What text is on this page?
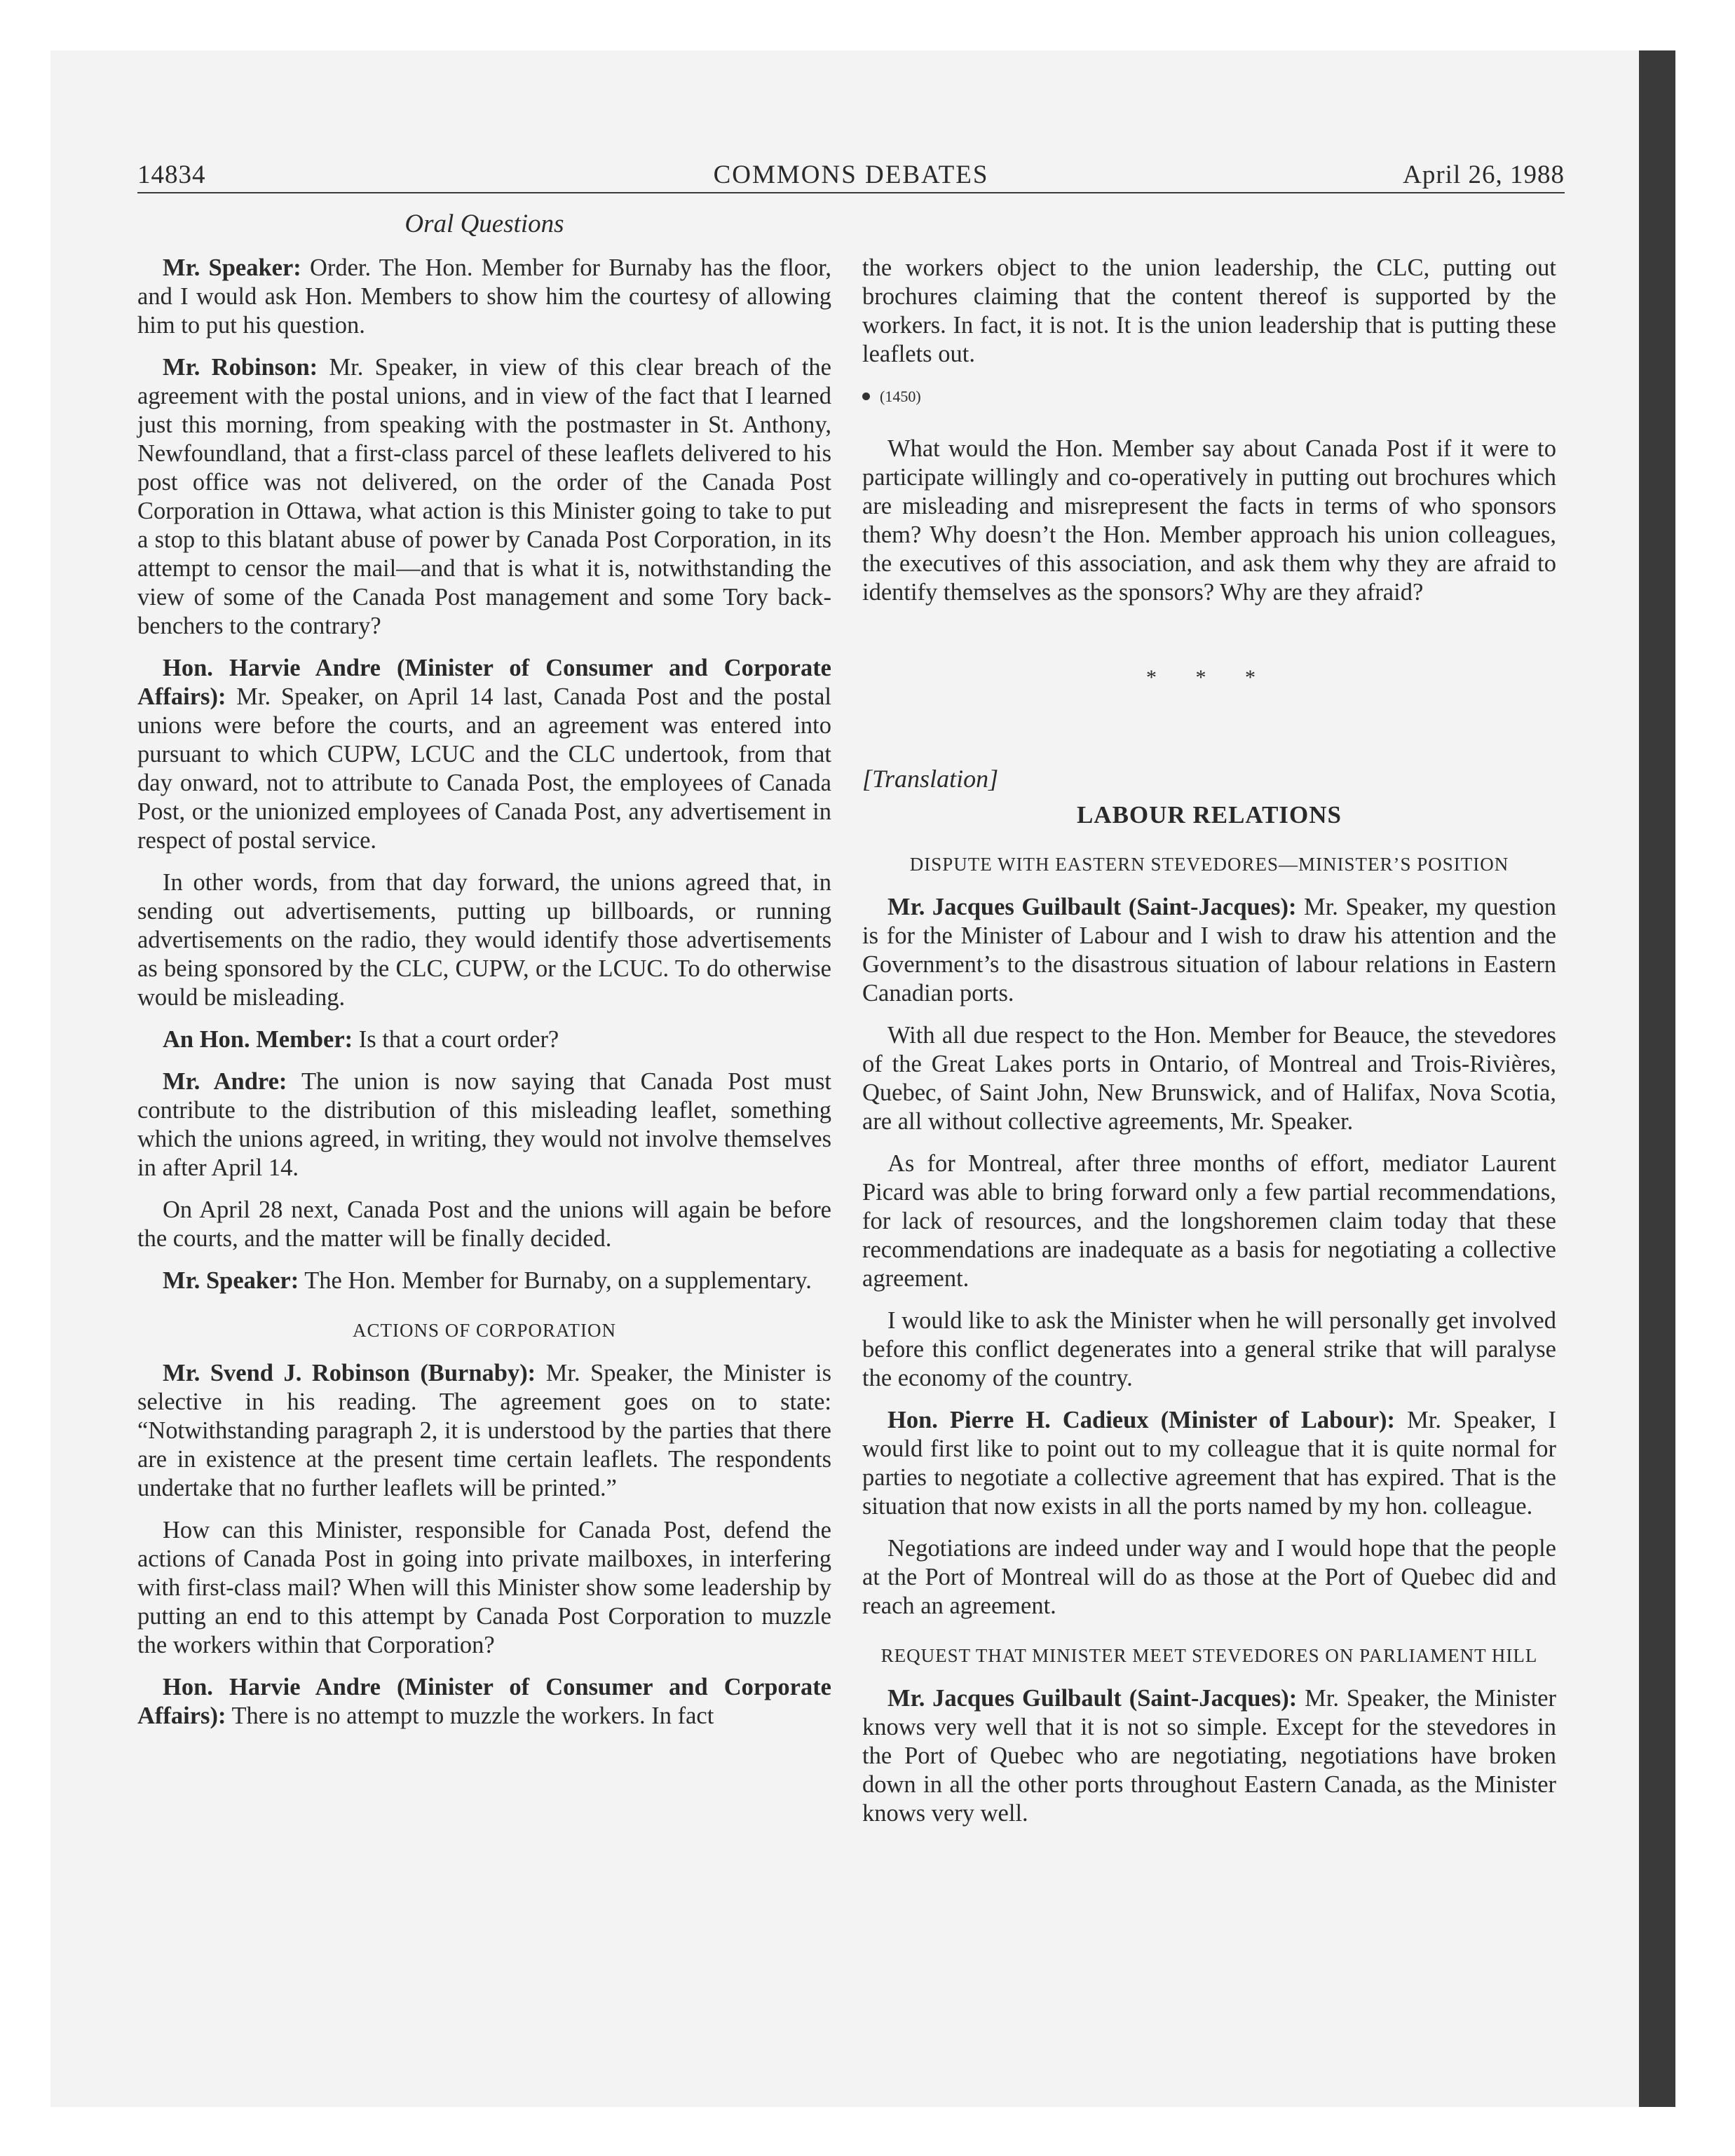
14834	COMMONS DEBATES	April 26, 1988
Oral Questions

Mr. Speaker: Order. The Hon. Member for Burnaby has the floor, and I would ask Hon. Members to show him the courtesy of allowing him to put his question.

Mr. Robinson: Mr. Speaker, in view of this clear breach of the agreement with the postal unions, and in view of the fact that I learned just this morning, from speaking with the postmaster in St. Anthony, Newfoundland, that a first-class parcel of these leaflets delivered to his post office was not delivered, on the order of the Canada Post Corporation in Ottawa, what action is this Minister going to take to put a stop to this blatant abuse of power by Canada Post Corporation, in its attempt to censor the mail—and that is what it is, notwithstanding the view of some of the Canada Post management and some Tory back-benchers to the contrary?

Hon. Harvie Andre (Minister of Consumer and Corporate Affairs): Mr. Speaker, on April 14 last, Canada Post and the postal unions were before the courts, and an agreement was entered into pursuant to which CUPW, LCUC and the CLC undertook, from that day onward, not to attribute to Canada Post, the employees of Canada Post, or the unionized employees of Canada Post, any advertisement in respect of postal service.

In other words, from that day forward, the unions agreed that, in sending out advertisements, putting up billboards, or running advertisements on the radio, they would identify those advertisements as being sponsored by the CLC, CUPW, or the LCUC. To do otherwise would be misleading.

An Hon. Member: Is that a court order?

Mr. Andre: The union is now saying that Canada Post must contribute to the distribution of this misleading leaflet, something which the unions agreed, in writing, they would not involve themselves in after April 14.

On April 28 next, Canada Post and the unions will again be before the courts, and the matter will be finally decided.

Mr. Speaker: The Hon. Member for Burnaby, on a supplementary.

ACTIONS OF CORPORATION

Mr. Svend J. Robinson (Burnaby): Mr. Speaker, the Minister is selective in his reading. The agreement goes on to state: “Notwithstanding paragraph 2, it is understood by the parties that there are in existence at the present time certain leaflets. The respondents undertake that no further leaflets will be printed.”

How can this Minister, responsible for Canada Post, defend the actions of Canada Post in going into private mailboxes, in interfering with first-class mail? When will this Minister show some leadership by putting an end to this attempt by Canada Post Corporation to muzzle the workers within that Corporation?

Hon. Harvie Andre (Minister of Consumer and Corporate Affairs): There is no attempt to muzzle the workers. In fact

the workers object to the union leadership, the CLC, putting out brochures claiming that the content thereof is supported by the workers. In fact, it is not. It is the union leadership that is putting these leaflets out.

(1450)

What would the Hon. Member say about Canada Post if it were to participate willingly and co-operatively in putting out brochures which are misleading and misrepresent the facts in terms of who sponsors them? Why doesn’t the Hon. Member approach his union colleagues, the executives of this association, and ask them why they are afraid to identify themselves as the sponsors? Why are they afraid?

* * *
[Translation]
LABOUR RELATIONS
DISPUTE WITH EASTERN STEVEDORES—MINISTER’S POSITION

Mr. Jacques Guilbault (Saint-Jacques): Mr. Speaker, my question is for the Minister of Labour and I wish to draw his attention and the Government’s to the disastrous situation of labour relations in Eastern Canadian ports.

With all due respect to the Hon. Member for Beauce, the stevedores of the Great Lakes ports in Ontario, of Montreal and Trois-Rivières, Quebec, of Saint John, New Brunswick, and of Halifax, Nova Scotia, are all without collective agreements, Mr. Speaker.

As for Montreal, after three months of effort, mediator Laurent Picard was able to bring forward only a few partial recommendations, for lack of resources, and the longshoremen claim today that these recommendations are inadequate as a basis for negotiating a collective agreement.

I would like to ask the Minister when he will personally get involved before this conflict degenerates into a general strike that will paralyse the economy of the country.

Hon. Pierre H. Cadieux (Minister of Labour): Mr. Speaker, I would first like to point out to my colleague that it is quite normal for parties to negotiate a collective agreement that has expired. That is the situation that now exists in all the ports named by my hon. colleague.

Negotiations are indeed under way and I would hope that the people at the Port of Montreal will do as those at the Port of Quebec did and reach an agreement.

REQUEST THAT MINISTER MEET STEVEDORES ON PARLIAMENT HILL

Mr. Jacques Guilbault (Saint-Jacques): Mr. Speaker, the Minister knows very well that it is not so simple. Except for the stevedores in the Port of Quebec who are negotiating, negotiations have broken down in all the other ports throughout Eastern Canada, as the Minister knows very well.
